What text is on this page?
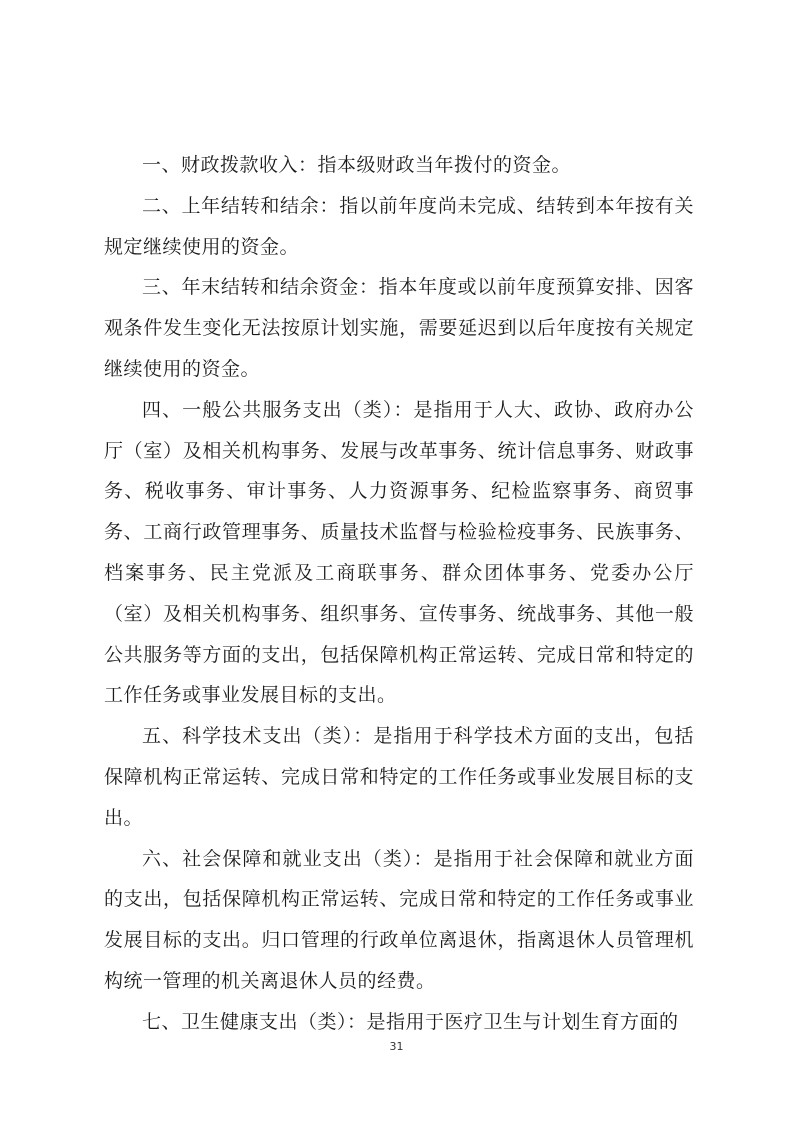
一、财政拨款收入：指本级财政当年拨付的资金。

二、上年结转和结余：指以前年度尚未完成、结转到本年按有关规定继续使用的资金。

三、年末结转和结余资金：指本年度或以前年度预算安排、因客观条件发生变化无法按原计划实施，需要延迟到以后年度按有关规定继续使用的资金。

四、一般公共服务支出（类）：是指用于人大、政协、政府办公厅（室）及相关机构事务、发展与改革事务、统计信息事务、财政事务、税收事务、审计事务、人力资源事务、纪检监察事务、商贸事务、工商行政管理事务、质量技术监督与检验检疫事务、民族事务、档案事务、民主党派及工商联事务、群众团体事务、党委办公厅（室）及相关机构事务、组织事务、宣传事务、统战事务、其他一般公共服务等方面的支出，包括保障机构正常运转、完成日常和特定的工作任务或事业发展目标的支出。

五、科学技术支出（类）：是指用于科学技术方面的支出，包括保障机构正常运转、完成日常和特定的工作任务或事业发展目标的支出。

六、社会保障和就业支出（类）：是指用于社会保障和就业方面的支出，包括保障机构正常运转、完成日常和特定的工作任务或事业发展目标的支出。归口管理的行政单位离退休，指离退休人员管理机构统一管理的机关离退休人员的经费。

七、卫生健康支出（类）：是指用于医疗卫生与计划生育方面的

31
